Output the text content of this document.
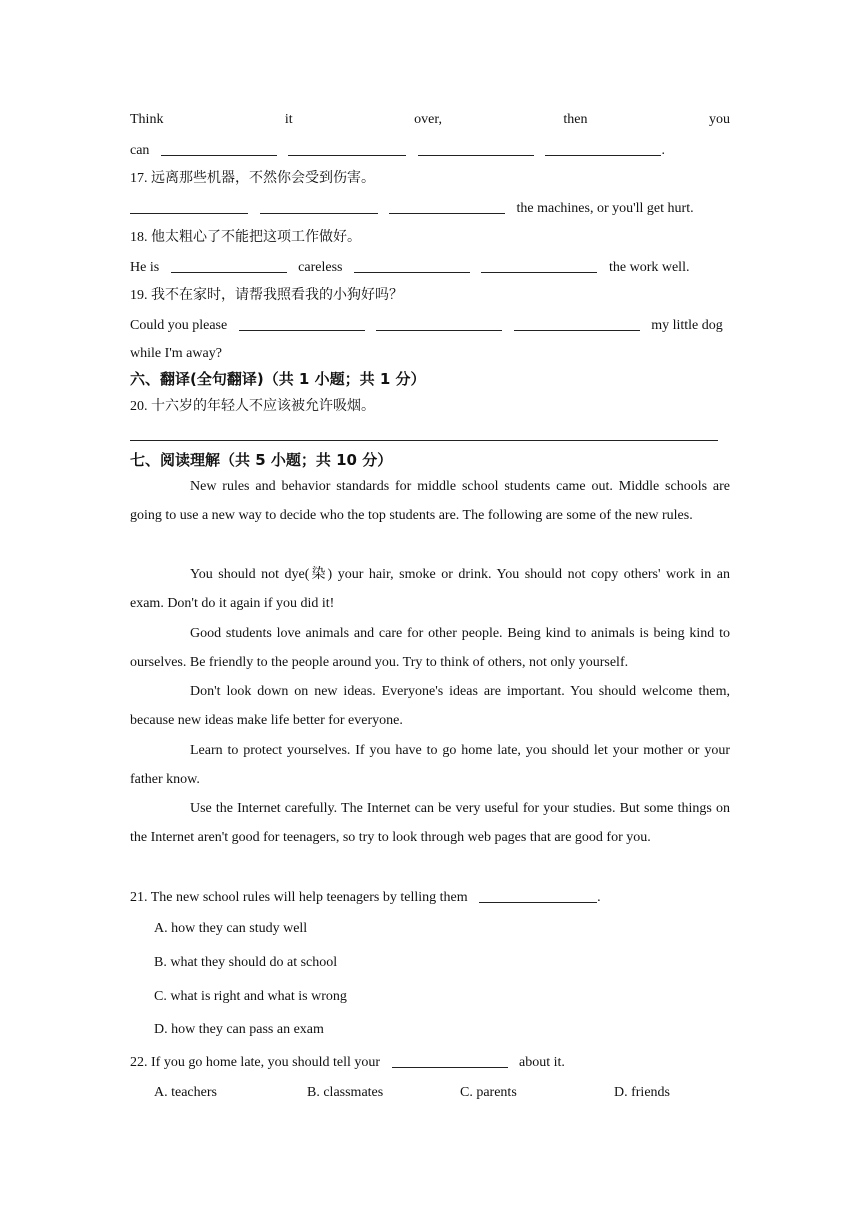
Think	it	over,	then	you
can	.
17. 远离那些机器，不然你会受到伤害。
the machines, or you'll get hurt.
18. 他太粗心了不能把这项工作做好。
He is	careless	the work well.
19. 我不在家时，请帮我照看我的小狗好吗？
Could you please	my little dog
while I'm away?
六、翻译(全句翻译)（共 1 小题；共 1 分）
20. 十六岁的年轻人不应该被允许吸烟。
七、阅读理解（共 5 小题；共 10 分）
New rules and behavior standards for middle school students came out. Middle schools are going to use a new way to decide who the top students are. The following are some of the new rules.
You should not dye(染) your hair, smoke or drink. You should not copy others' work in an exam. Don't do it again if you did it!
Good students love animals and care for other people. Being kind to animals is being kind to ourselves. Be friendly to the people around you. Try to think of others, not only yourself.
Don't look down on new ideas. Everyone's ideas are important. You should welcome them, because new ideas make life better for everyone.
Learn to protect yourselves. If you have to go home late, you should let your mother or your father know.
Use the Internet carefully. The Internet can be very useful for your studies. But some things on the Internet aren't good for teenagers, so try to look through web pages that are good for you.
21. The new school rules will help teenagers by telling them	.
A. how they can study well
B. what they should do at school
C. what is right and what is wrong
D. how they can pass an exam
22. If you go home late, you should tell your	about it.
A. teachers	B. classmates	C. parents	D. friends
